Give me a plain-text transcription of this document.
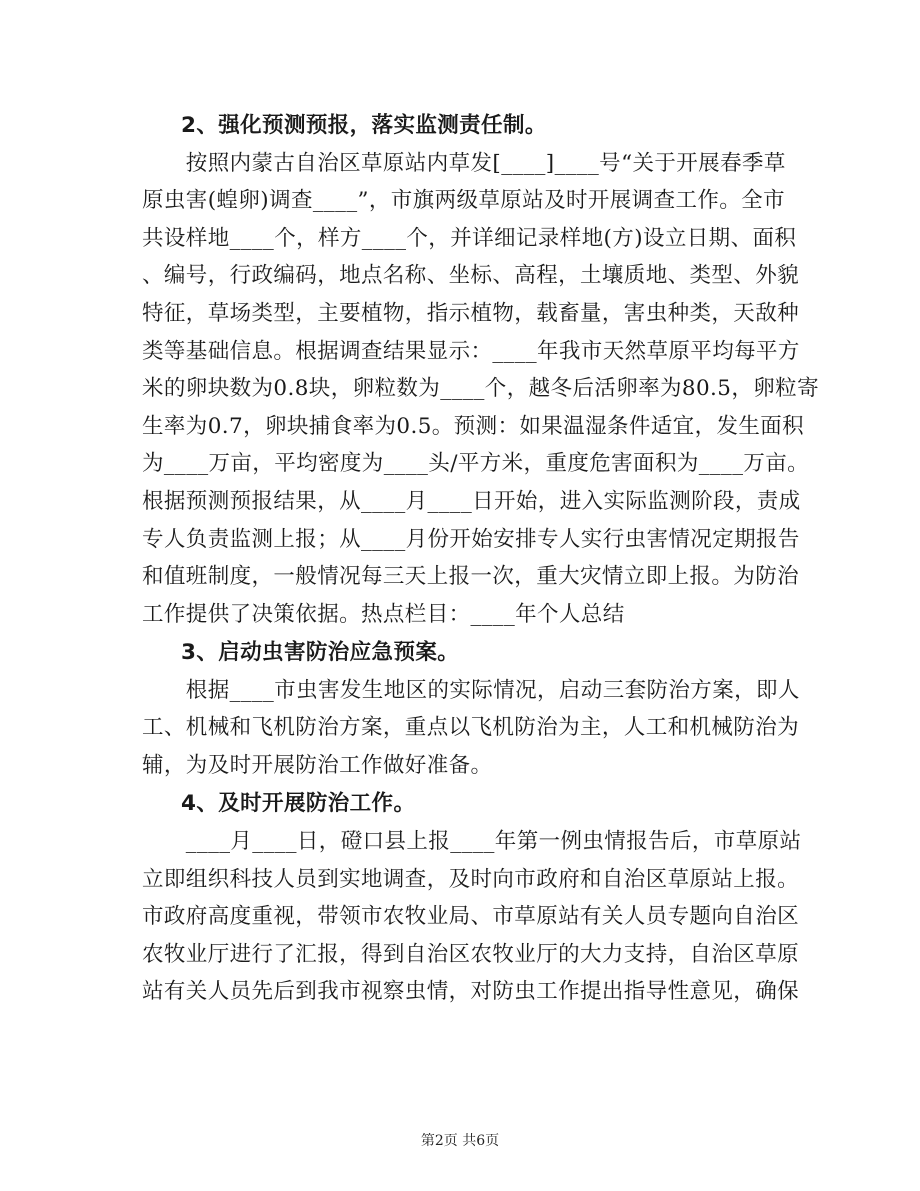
2、强化预测预报，落实监测责任制。
　　按照内蒙古自治区草原站内草发[____]____号“关于开展春季草
原虫害(蝗卵)调查____”，市旗两级草原站及时开展调查工作。全市
共设样地____个，样方____个，并详细记录样地(方)设立日期、面积
、编号，行政编码，地点名称、坐标、高程，土壤质地、类型、外貌
特征，草场类型，主要植物，指示植物，载畜量，害虫种类，天敌种
类等基础信息。根据调查结果显示：____年我市天然草原平均每平方
米的卵块数为0.8块，卵粒数为____个，越冬后活卵率为80.5，卵粒寄
生率为0.7，卵块捕食率为0.5。预测：如果温湿条件适宜，发生面积
为____万亩，平均密度为____头/平方米，重度危害面积为____万亩。
根据预测预报结果，从____月____日开始，进入实际监测阶段，责成
专人负责监测上报；从____月份开始安排专人实行虫害情况定期报告
和值班制度，一般情况每三天上报一次，重大灾情立即上报。为防治
工作提供了决策依据。热点栏目：____年个人总结
3、启动虫害防治应急预案。
　　根据____市虫害发生地区的实际情况，启动三套防治方案，即人
工、机械和飞机防治方案，重点以飞机防治为主，人工和机械防治为
辅，为及时开展防治工作做好准备。
4、及时开展防治工作。
　　____月____日，磴口县上报____年第一例虫情报告后，市草原站
立即组织科技人员到实地调查，及时向市政府和自治区草原站上报。
市政府高度重视，带领市农牧业局、市草原站有关人员专题向自治区
农牧业厅进行了汇报，得到自治区农牧业厅的大力支持，自治区草原
站有关人员先后到我市视察虫情，对防虫工作提出指导性意见，确保
第2页 共6页
